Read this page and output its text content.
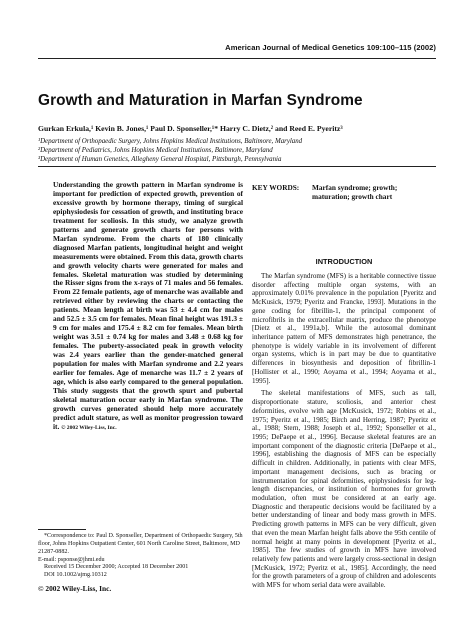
American Journal of Medical Genetics 109:100–115 (2002)
Growth and Maturation in Marfan Syndrome
Gurkan Erkula,¹ Kevin B. Jones,¹ Paul D. Sponseller,¹* Harry C. Dietz,² and Reed E. Pyeritz³
¹Department of Orthopaedic Surgery, Johns Hopkins Medical Institutions, Baltimore, Maryland
²Department of Pediatrics, Johns Hopkins Medical Institutions, Baltimore, Maryland
³Department of Human Genetics, Allegheny General Hospital, Pittsburgh, Pennsylvania
Understanding the growth pattern in Marfan syndrome is important for prediction of expected growth, prevention of excessive growth by hormone therapy, timing of surgical epiphysiodesis for cessation of growth, and instituting brace treatment for scoliosis. In this study, we analyze growth patterns and generate growth charts for persons with Marfan syndrome. From the charts of 180 clinically diagnosed Marfan patients, longitudinal height and weight measurements were obtained. From this data, growth charts and growth velocity charts were generated for males and females. Skeletal maturation was studied by determining the Risser signs from the x-rays of 71 males and 56 females. From 22 female patients, age of menarche was available and retrieved either by reviewing the charts or contacting the patients. Mean length at birth was 53 ± 4.4 cm for males and 52.5 ± 3.5 cm for females. Mean final height was 191.3 ± 9 cm for males and 175.4 ± 8.2 cm for females. Mean birth weight was 3.51 ± 0.74 kg for males and 3.48 ± 0.68 kg for females. The puberty-associated peak in growth velocity was 2.4 years earlier than the gender-matched general population for males with Marfan syndrome and 2.2 years earlier for females. Age of menarche was 11.7 ± 2 years of age, which is also early compared to the general population. This study suggests that the growth spurt and pubertal skeletal maturation occur early in Marfan syndrome. The growth curves generated should help more accurately predict adult stature, as well as monitor progression toward it. © 2002 Wiley-Liss, Inc.
KEY WORDS:	Marfan syndrome; growth; maturation; growth chart
INTRODUCTION

The Marfan syndrome (MFS) is a heritable connective tissue disorder affecting multiple organ systems, with an approximately 0.01% prevalence in the population [Pyeritz and McKusick, 1979; Pyeritz and Francke, 1993]. Mutations in the gene coding for fibrillin-1, the principal component of microfibrils in the extracellular matrix, produce the phenotype [Dietz et al., 1991a,b]. While the autosomal dominant inheritance pattern of MFS demonstrates high penetrance, the phenotype is widely variable in its involvement of different organ systems, which is in part may be due to quantitative differences in biosynthesis and deposition of fibrillin-1 [Hollister et al., 1990; Aoyama et al., 1994; Aoyama et al., 1995].

The skeletal manifestations of MFS, such as tall, disproportionate stature, scoliosis, and anterior chest deformities, evolve with age [McKusick, 1972; Robins et al., 1975; Pyeritz et al., 1985; Birch and Herring, 1987; Pyeritz et al., 1988; Stern, 1988; Joseph et al., 1992; Sponseller et al., 1995; DePaepe et al., 1996]. Because skeletal features are an important component of the diagnostic criteria [DePaepe et al., 1996], establishing the diagnosis of MFS can be especially difficult in children. Additionally, in patients with clear MFS, important management decisions, such as bracing or instrumentation for spinal deformities, epiphysiodesis for leg-length discrepancies, or institution of hormones for growth modulation, often must be considered at an early age. Diagnostic and therapeutic decisions would be facilitated by a better understanding of linear and body mass growth in MFS. Predicting growth patterns in MFS can be very difficult, given that even the mean Marfan height falls above the 95th centile of normal height at many points in development [Pyeritz et al., 1985]. The few studies of growth in MFS have involved relatively few patients and were largely cross-sectional in design [McKusick, 1972; Pyeritz et al., 1985]. Accordingly, the need for the growth parameters of a group of children and adolescents with MFS for whom serial data were available.

*Correspondence to: Paul D. Sponseller, Department of Orthopaedic Surgery, 5th floor, Johns Hopkins Outpatient Center, 601 North Caroline Street, Baltimore, MD 21287-0882.
E-mail: psponse@jhmi.edu
Received 15 December 2000; Accepted 18 December 2001
DOI 10.1002/ajmg.10312
© 2002 Wiley-Liss, Inc.
